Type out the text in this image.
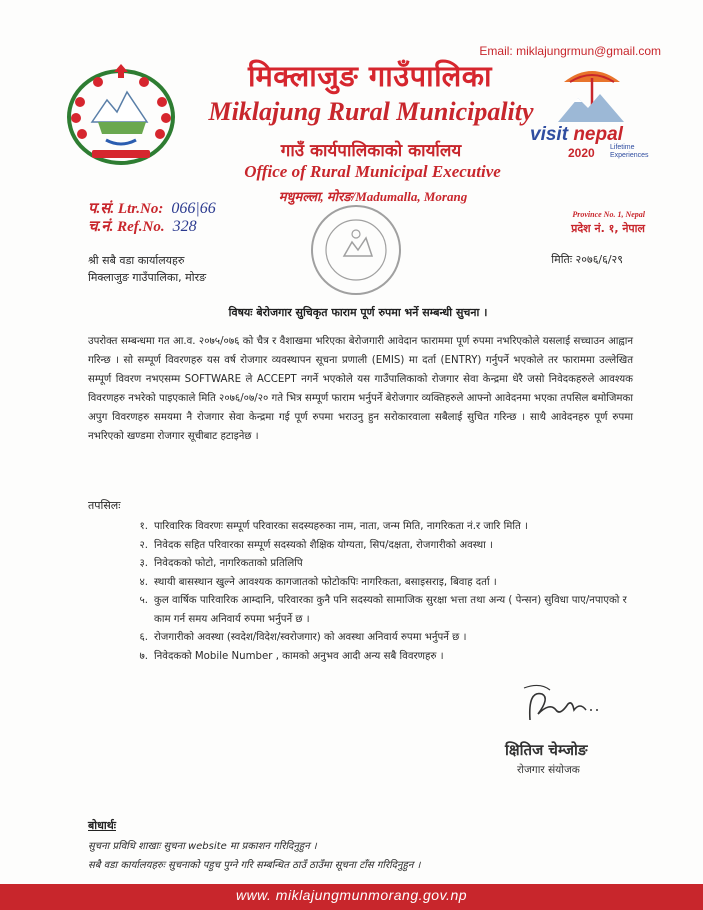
Email: miklajungrmun@gmail.com
मिक्लाजुङ गाउँपालिका
Miklajung Rural Municipality
गाउँ कार्यपालिकाको कार्यालय
Office of Rural Municipal Executive
मधुमल्ला, मोरङ/Madumalla, Morang
visit nepal
2020 Lifetime
Experiences
प.सं. Ltr.No: 066|66
च.नं. Ref.No. 328
Province No. 1, Nepal
प्रदेश नं. १, नेपाल
श्री सबै वडा कार्यालयहरु
मिक्लाजुङ गाउँपालिका, मोरङ
मितिः २०७६/६/२९
विषयः बेरोजगार सुचिकृत फाराम पूर्ण रुपमा भर्ने सम्बन्धी सुचना ।
उपरोक्त सम्बन्धमा गत आ.व. २०७५/०७६ को चैत्र र वैशाखमा भरिएका बेरोजगारी आवेदान फाराममा पूर्ण रुपमा नभरिएकोले यसलाई सच्चाउन आह्वान गरिन्छ । सो सम्पूर्ण विवरणहरु यस वर्ष रोजगार व्यवस्थापन सूचना प्रणाली (EMIS) मा दर्ता (ENTRY) गर्नुपर्ने भएकोले तर फाराममा उल्लेखित सम्पूर्ण विवरण नभएसम्म SOFTWARE ले ACCEPT नगर्ने भएकोले यस गाउँपालिकाको रोजगार सेवा केन्द्रमा धेरै जसो निवेदकहरुले आवश्यक विवरणहरु नभरेको पाइएकाले मिति २०७६/०७/२० गते भित्र सम्पूर्ण फाराम भर्नुपर्ने बेरोजगार व्यक्तिहरुले आफ्नो आवेदनमा भएका तपसिल बमोजिमका अपुग विवरणहरु समयमा नै रोजगार सेवा केन्द्रमा गई पूर्ण रुपमा भराउनु हुन सरोकारवाला सबैलाई सुचित गरिन्छ । साथै आवेदनहरु पूर्ण रुपमा नभरिएको खण्डमा रोजगार सूचीबाट हटाइनेछ ।
तपसिलः
१. पारिवारिक विवरणः सम्पूर्ण परिवारका सदस्यहरुका नाम, नाता, जन्म मिति, नागरिकता नं.र जारि मिति ।
२. निवेदक सहित परिवारका सम्पूर्ण सदस्यको शैक्षिक योग्यता, सिप/दक्षता, रोजगारीको अवस्था ।
३. निवेदकको फोटो, नागरिकताको प्रतिलिपि
४. स्थायी बासस्थान खुल्ने आवश्यक कागजातको फोटोकपिः नागरिकता, बसाइसराइ, बिवाह दर्ता ।
५. कुल वार्षिक पारिवारिक आम्दानि, परिवारका कुनै पनि सदस्यको सामाजिक सुरक्षा भत्ता तथा अन्य ( पेन्सन) सुविधा पाए/नपाएको र काम गर्न समय अनिवार्य रुपमा भर्नुपर्ने छ ।
६. रोजगारीको अवस्था (स्वदेश/विदेश/स्वरोजगार) को अवस्था अनिवार्य रुपमा भर्नुपर्ने छ ।
७. निवेदकको Mobile Number , कामको अनुभव आदी अन्य सबै विवरणहरु ।
क्षितिज चेम्जोङ
रोजगार संयोजक
बोधार्थः
सुचना प्रविधि शाखाः सुचना website मा प्रकाशन गरिदिनुहुन ।
सबै वडा कार्यालयहरुः सुचनाको पहुच पुग्ने गरि सम्बन्धित ठाउँ ठाउँमा सूचना टाँस गरिदिनुहुन ।
www. miklajungmunmorang.gov.np
